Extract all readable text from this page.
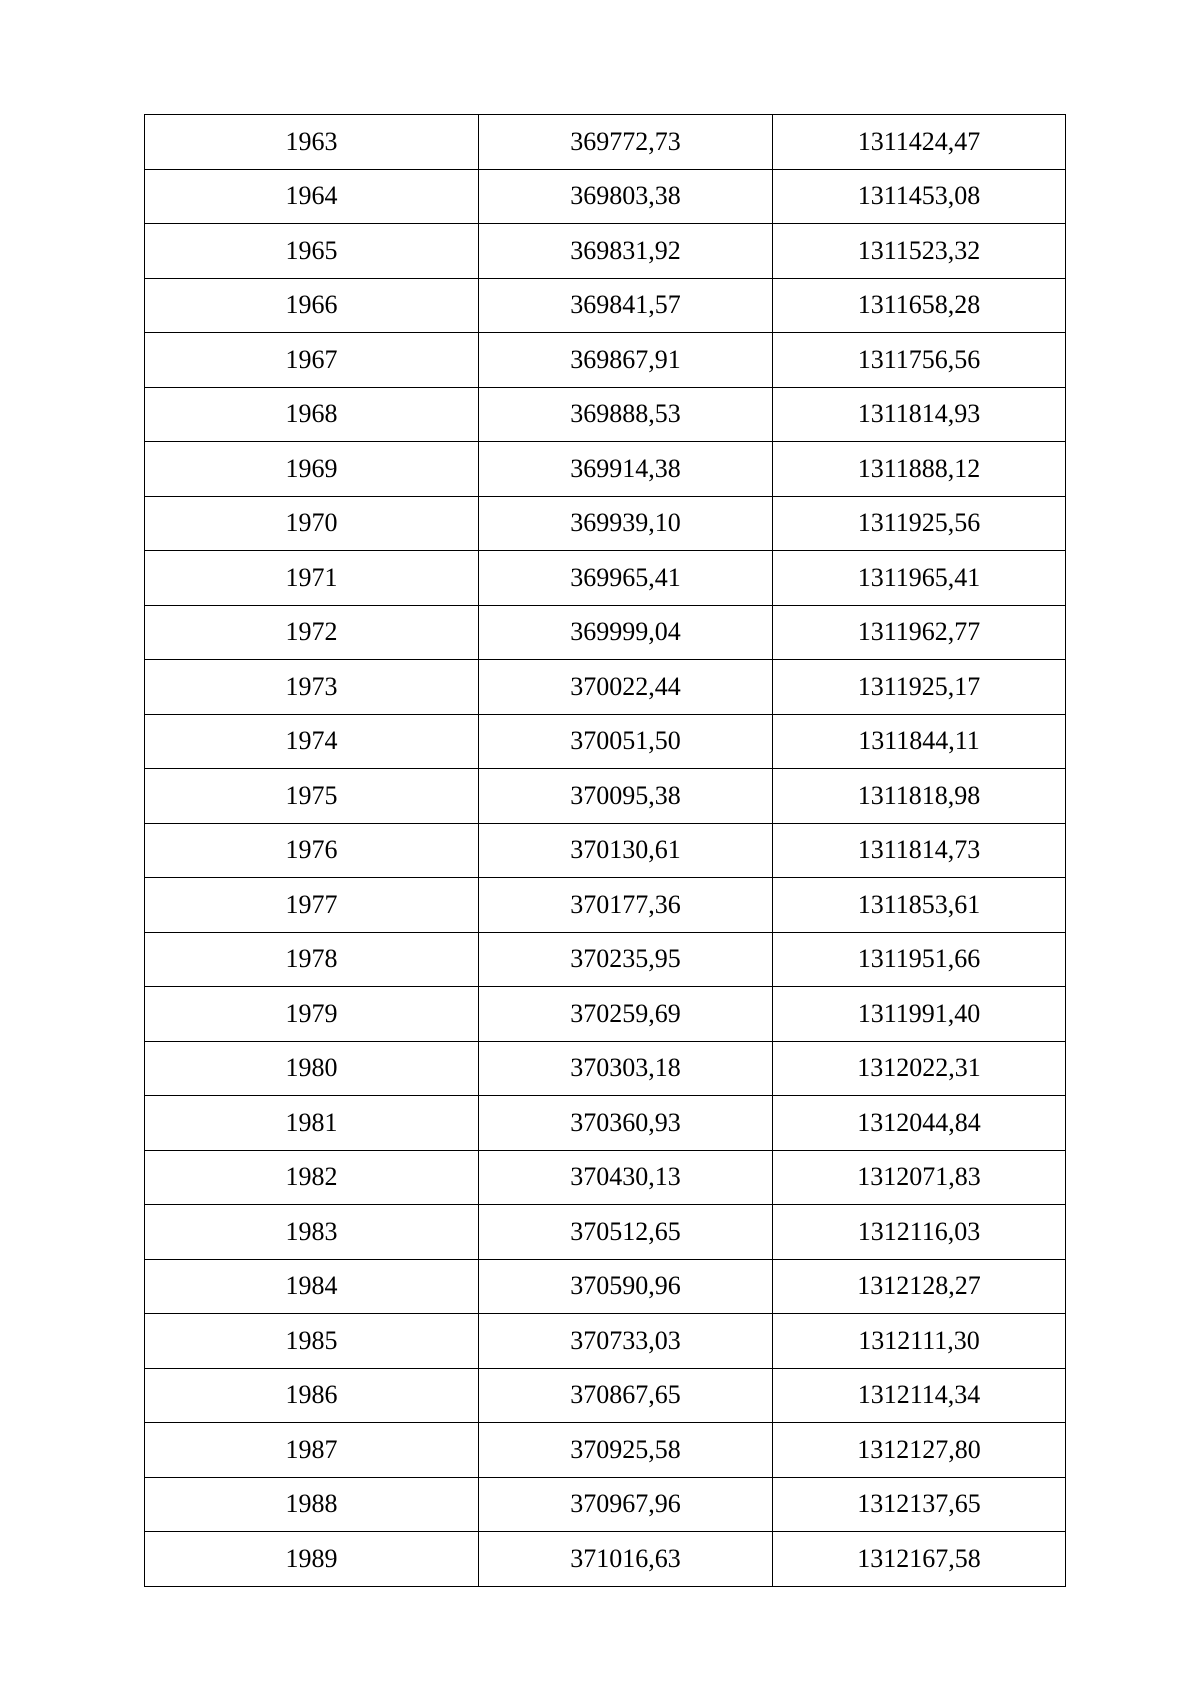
1963	369772,73	1311424,47
1964	369803,38	1311453,08
1965	369831,92	1311523,32
1966	369841,57	1311658,28
1967	369867,91	1311756,56
1968	369888,53	1311814,93
1969	369914,38	1311888,12
1970	369939,10	1311925,56
1971	369965,41	1311965,41
1972	369999,04	1311962,77
1973	370022,44	1311925,17
1974	370051,50	1311844,11
1975	370095,38	1311818,98
1976	370130,61	1311814,73
1977	370177,36	1311853,61
1978	370235,95	1311951,66
1979	370259,69	1311991,40
1980	370303,18	1312022,31
1981	370360,93	1312044,84
1982	370430,13	1312071,83
1983	370512,65	1312116,03
1984	370590,96	1312128,27
1985	370733,03	1312111,30
1986	370867,65	1312114,34
1987	370925,58	1312127,80
1988	370967,96	1312137,65
1989	371016,63	1312167,58
